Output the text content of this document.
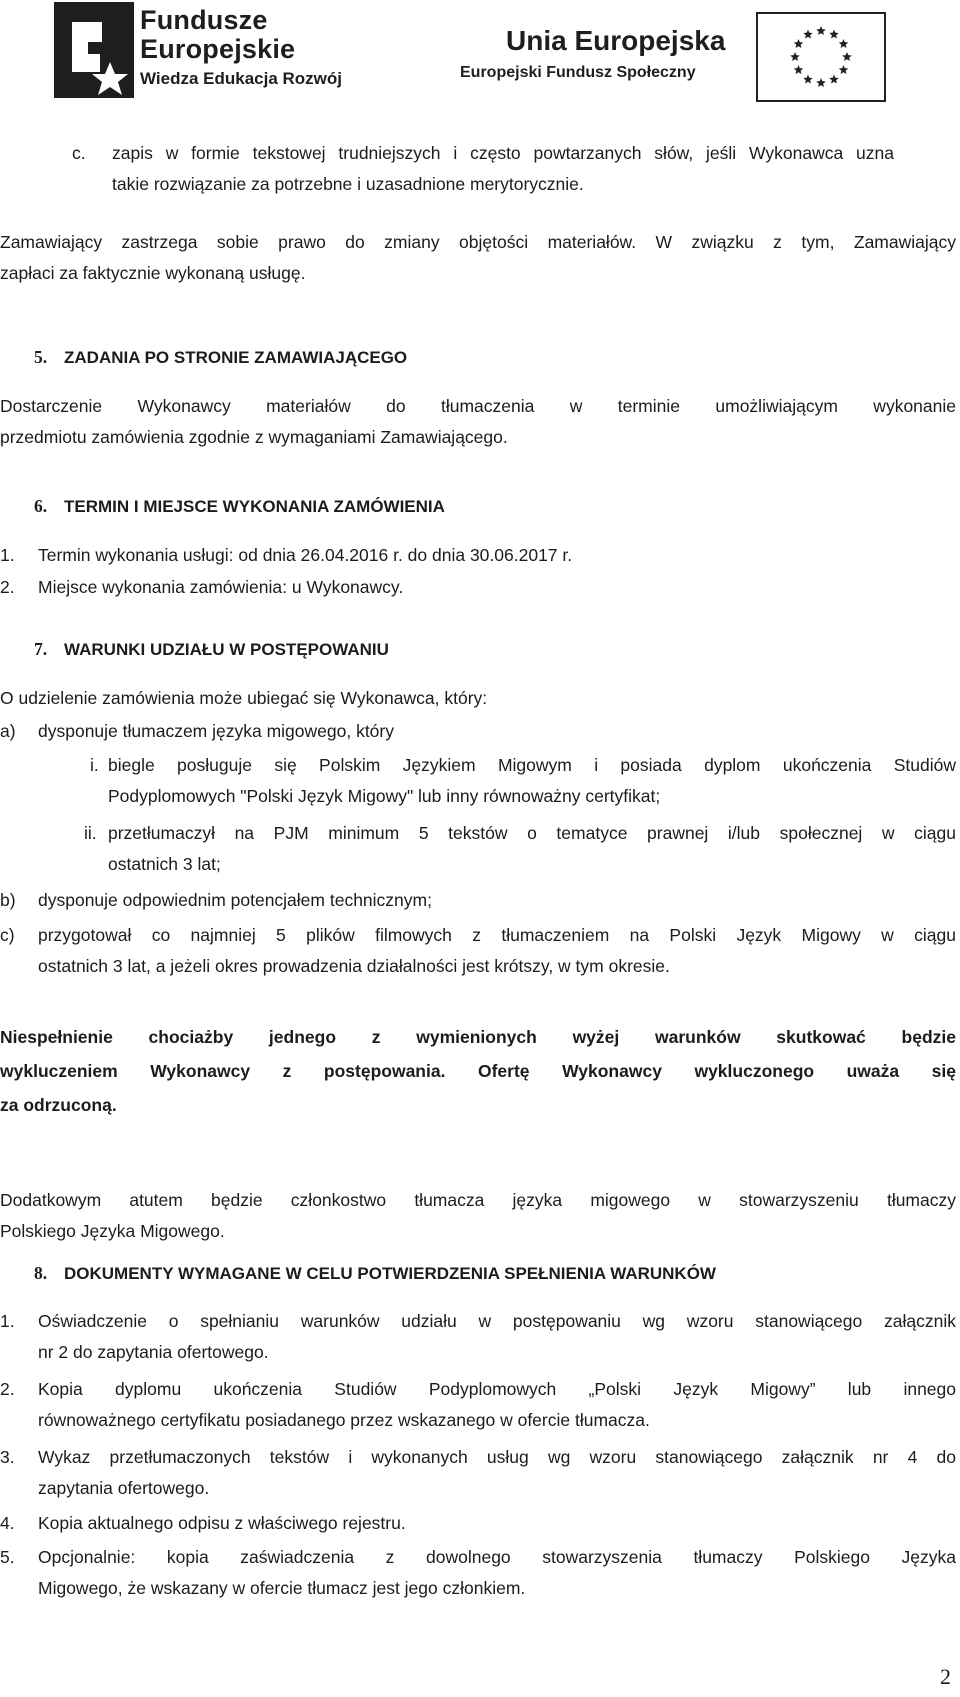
Fundusze
Europejskie
Wiedza Edukacja Rozwój
Unia Europejska
Europejski Fundusz Społeczny
c. zapis w formie tekstowej trudniejszych i często powtarzanych słów, jeśli Wykonawca uzna
takie rozwiązanie za potrzebne i uzasadnione merytorycznie.
Zamawiający zastrzega sobie prawo do zmiany objętości materiałów. W związku z tym, Zamawiający
zapłaci za faktycznie wykonaną usługę.
5. ZADANIA PO STRONIE ZAMAWIAJĄCEGO
Dostarczenie Wykonawcy materiałów do tłumaczenia w terminie umożliwiającym wykonanie
przedmiotu zamówienia zgodnie z wymaganiami Zamawiającego.
6. TERMIN I MIEJSCE WYKONANIA ZAMÓWIENIA
1. Termin wykonania usługi: od dnia 26.04.2016 r. do dnia 30.06.2017 r.
2. Miejsce wykonania zamówienia: u Wykonawcy.
7. WARUNKI UDZIAŁU W POSTĘPOWANIU
O udzielenie zamówienia może ubiegać się Wykonawca, który:
a) dysponuje tłumaczem języka migowego, który
i. biegle posługuje się Polskim Językiem Migowym i posiada dyplom ukończenia Studiów
Podyplomowych "Polski Język Migowy" lub inny równoważny certyfikat;
ii. przetłumaczył na PJM minimum 5 tekstów o tematyce prawnej i/lub społecznej w ciągu
ostatnich 3 lat;
b) dysponuje odpowiednim potencjałem technicznym;
c) przygotował co najmniej 5 plików filmowych z tłumaczeniem na Polski Język Migowy w ciągu
ostatnich 3 lat, a jeżeli okres prowadzenia działalności jest krótszy, w tym okresie.
Niespełnienie chociażby jednego z wymienionych wyżej warunków skutkować będzie
wykluczeniem Wykonawcy z postępowania. Ofertę Wykonawcy wykluczonego uważa się
za odrzuconą.
Dodatkowym atutem będzie członkostwo tłumacza języka migowego w stowarzyszeniu tłumaczy
Polskiego Języka Migowego.
8. DOKUMENTY WYMAGANE W CELU POTWIERDZENIA SPEŁNIENIA WARUNKÓW
1. Oświadczenie o spełnianiu warunków udziału w postępowaniu wg wzoru stanowiącego załącznik
nr 2 do zapytania ofertowego.
2. Kopia dyplomu ukończenia Studiów Podyplomowych „Polski Język Migowy” lub innego
równoważnego certyfikatu posiadanego przez wskazanego w ofercie tłumacza.
3. Wykaz przetłumaczonych tekstów i wykonanych usług wg wzoru stanowiącego załącznik nr 4 do
zapytania ofertowego.
4. Kopia aktualnego odpisu z właściwego rejestru.
5. Opcjonalnie: kopia zaświadczenia z dowolnego stowarzyszenia tłumaczy Polskiego Języka
Migowego, że wskazany w ofercie tłumacz jest jego członkiem.
2
